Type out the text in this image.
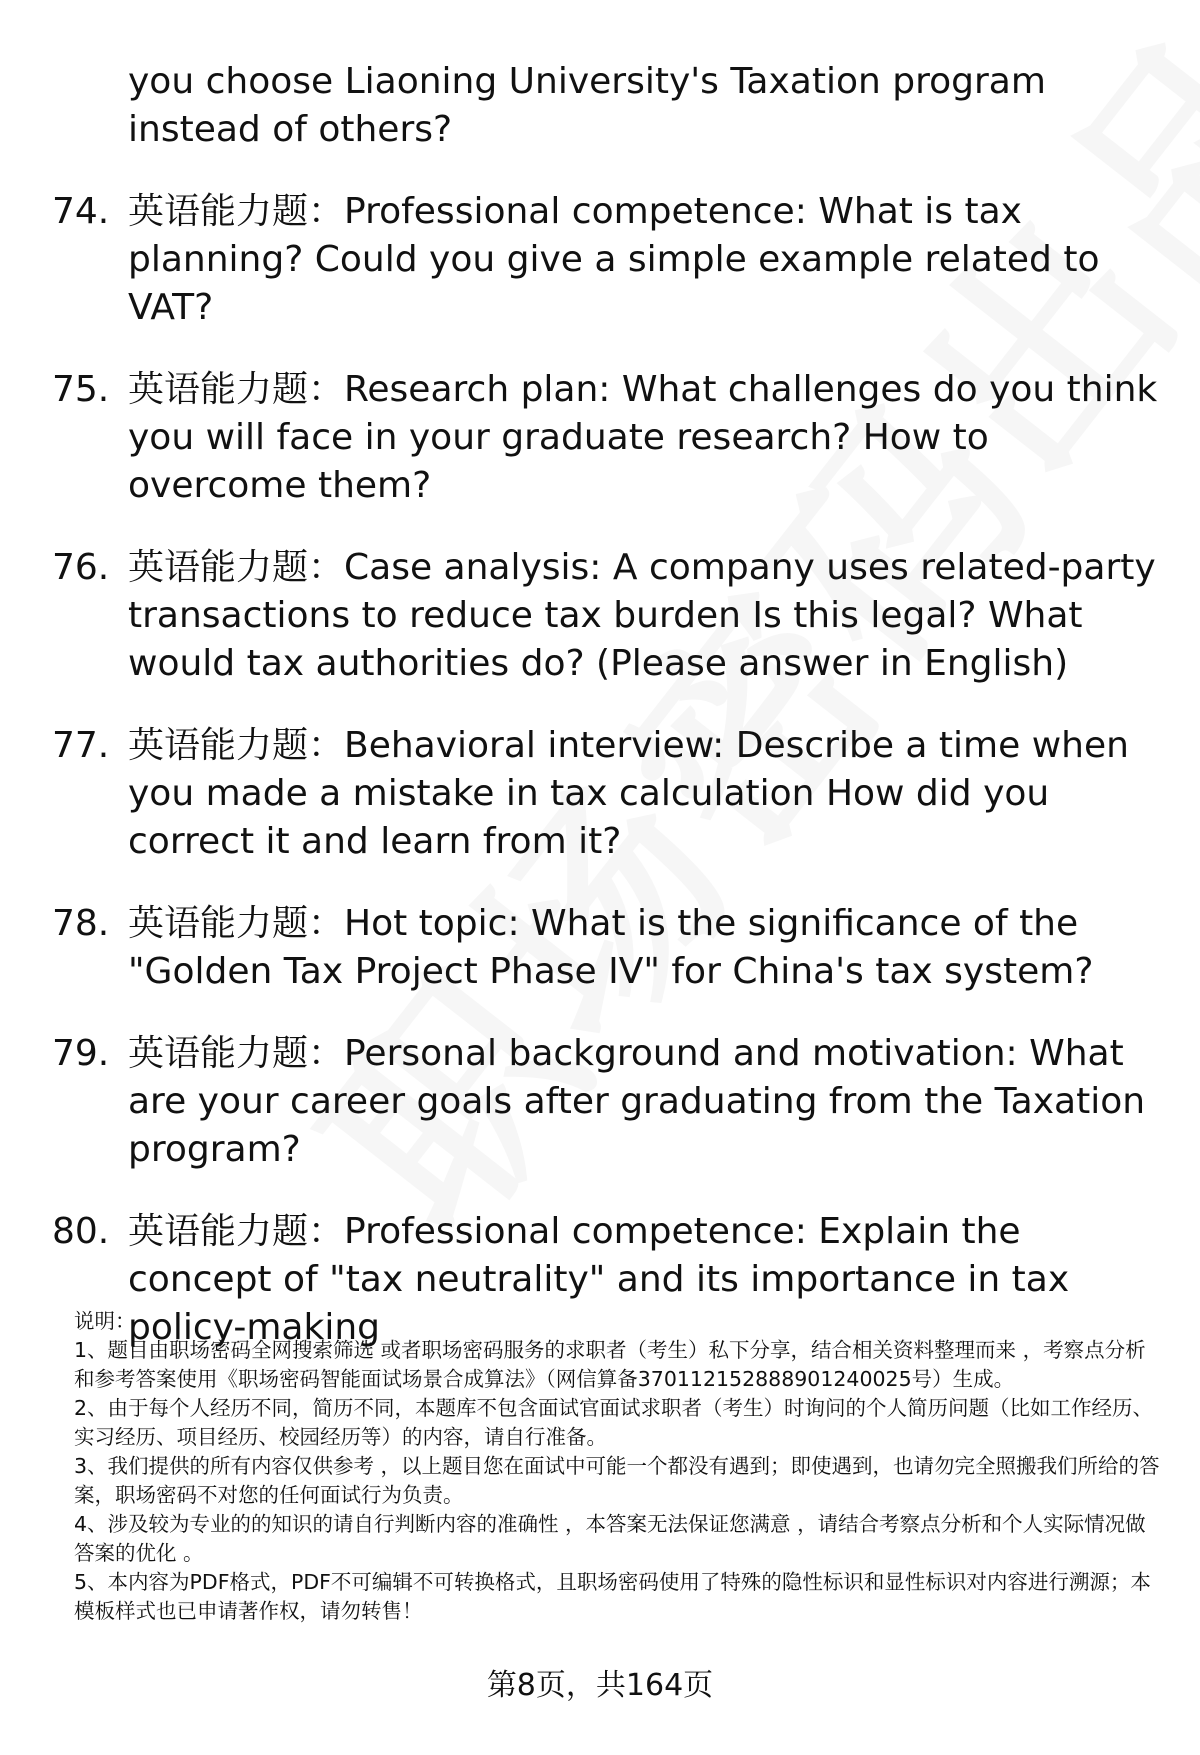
you choose Liaoning University's Taxation program instead of others?
74. 英语能力题：Professional competence: What is tax planning? Could you give a simple example related to VAT?
75. 英语能力题：Research plan: What challenges do you think you will face in your graduate research? How to overcome them?
76. 英语能力题：Case analysis: A company uses related-party transactions to reduce tax burden Is this legal? What would tax authorities do? (Please answer in English)
77. 英语能力题：Behavioral interview: Describe a time when you made a mistake in tax calculation How did you correct it and learn from it?
78. 英语能力题：Hot topic: What is the significance of the "Golden Tax Project Phase IV" for China's tax system?
79. 英语能力题：Personal background and motivation: What are your career goals after graduating from the Taxation program?
80. 英语能力题：Professional competence: Explain the concept of "tax neutrality" and its importance in tax policy-making

说明：

1、题目由职场密码全网搜索筛选 或者职场密码服务的求职者（考生）私下分享，结合相关资料整理而来 ，考察点分析和参考答案使用《职场密码智能面试场景合成算法》（网信算备370112152888901240025号）生成。

2、由于每个人经历不同，简历不同，本题库不包含面试官面试求职者（考生）时询问的个人简历问题（比如工作经历、实习经历、项目经历、校园经历等）的内容，请自行准备。

3、我们提供的所有内容仅供参考 ，以上题目您在面试中可能一个都没有遇到；即使遇到，也请勿完全照搬我们所给的答案，职场密码不对您的任何面试行为负责。

4、涉及较为专业的的知识的请自行判断内容的准确性 ，本答案无法保证您满意 ，请结合考察点分析和个人实际情况做答案的优化 。

5、本内容为PDF格式，PDF不可编辑不可转换格式，且职场密码使用了特殊的隐性标识和显性标识对内容进行溯源；本模板样式也已申请著作权，请勿转售！

第8页，共164页
